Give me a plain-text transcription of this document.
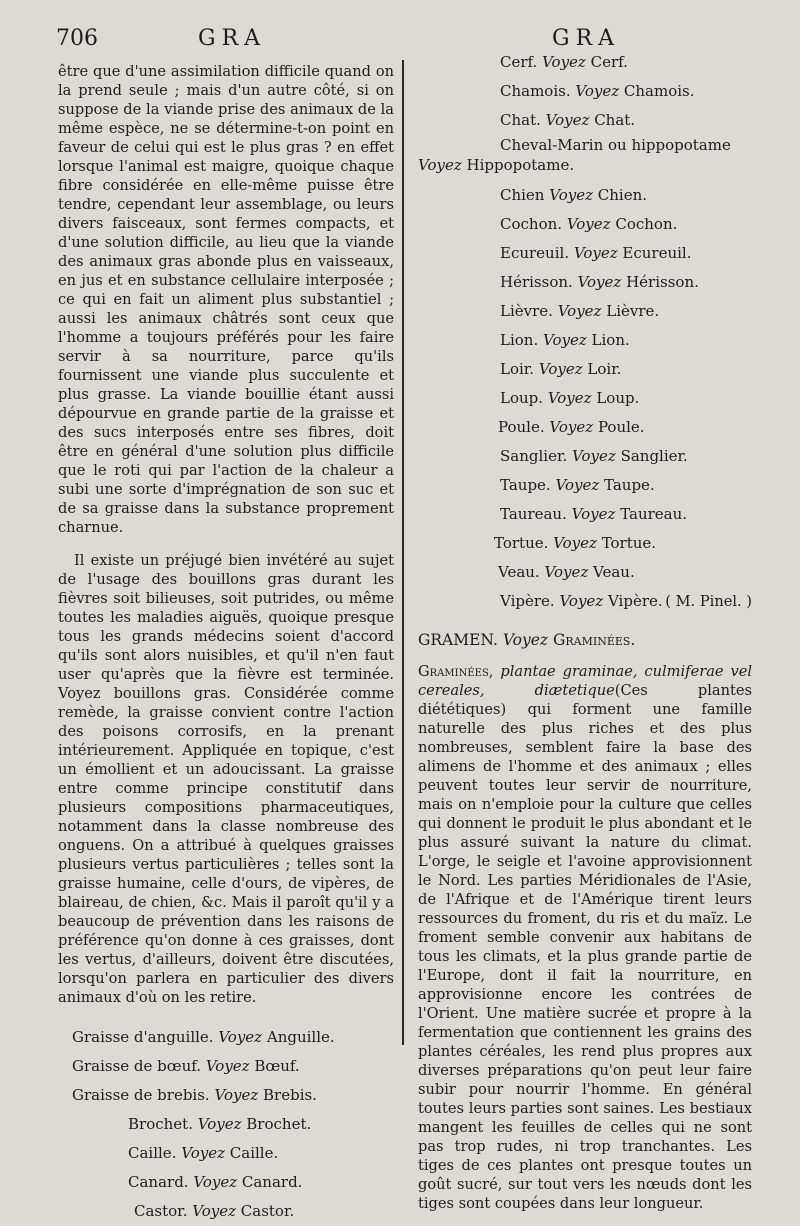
706	GRA	GRA

être que d'une assimilation difficile quand on la prend seule ; mais d'un autre côté, si on suppose de la viande prise des animaux de la même espèce, ne se détermine-t-on point en faveur de celui qui est le plus gras ? en effet lorsque l'animal est maigre, quoique chaque fibre considérée en elle-même puisse être tendre, cependant leur assemblage, ou leurs divers faisceaux, sont fermes compacts, et d'une solution difficile, au lieu que la viande des animaux gras abonde plus en vaisseaux, en jus et en substance cellulaire interposée ; ce qui en fait un aliment plus substantiel ; aussi les animaux châtrés sont ceux que l'homme a toujours préférés pour les faire servir à sa nourriture, parce qu'ils fournissent une viande plus succulente et plus grasse. La viande bouillie étant aussi dépourvue en grande partie de la graisse et des sucs interposés entre ses fibres, doit être en général d'une solution plus difficile que le roti qui par l'action de la chaleur a subi une sorte d'imprégnation de son suc et de sa graisse dans la substance proprement charnue.

Il existe un préjugé bien invétéré au sujet de l'usage des bouillons gras durant les fièvres soit bilieuses, soit putrides, ou même toutes les maladies aiguës, quoique presque tous les grands médecins soient d'accord qu'ils sont alors nuisibles, et qu'il n'en faut user qu'après que la fièvre est terminée. Voyez bouillons gras. Considérée comme remède, la graisse convient contre l'action des poisons corrosifs, en la prenant intérieurement. Appliquée en topique, c'est un émollient et un adoucissant. La graisse entre comme principe constitutif dans plusieurs compositions pharmaceutiques, notamment dans la classe nombreuse des onguens. On a attribué à quelques graisses plusieurs vertus particulières ; telles sont la graisse humaine, celle d'ours, de vipères, de blaireau, de chien, &c. Mais il paroît qu'il y a beaucoup de prévention dans les raisons de préférence qu'on donne à ces graisses, dont les vertus, d'ailleurs, doivent être discutées, lorsqu'on parlera en particulier des divers animaux d'où on les retire.

Graisse d'anguille. Voyez Anguille.
Graisse de bœuf. Voyez Bœuf.
Graisse de brebis. Voyez Brebis.
Brochet. Voyez Brochet.
Caille. Voyez Caille.
Canard. Voyez Canard.
Castor. Voyez Castor.
Cerf. Voyez Cerf.
Chamois. Voyez Chamois.
Chat. Voyez Chat.
Cheval-Marin ou hippopotame Voyez Hippopotame.
Chien Voyez Chien.
Cochon. Voyez Cochon.
Ecureuil. Voyez Ecureuil.
Hérisson. Voyez Hérisson.
Lièvre. Voyez Lièvre.
Lion. Voyez Lion.
Loir. Voyez Loir.
Loup. Voyez Loup.
Poule. Voyez Poule.
Sanglier. Voyez Sanglier.
Taupe. Voyez Taupe.
Taureau. Voyez Taureau.
Tortue. Voyez Tortue.
Veau. Voyez Veau.
Vipère. Voyez Vipère. ( M. Pinel. )
GRAMEN. Voyez Graminées.

Graminées, plantae graminae, culmiferae vel cereales, diætetique(Ces plantes diététiques) qui forment une famille naturelle des plus riches et des plus nombreuses, semblent faire la base des alimens de l'homme et des animaux ; elles peuvent toutes leur servir de nourriture, mais on n'emploie pour la culture que celles qui donnent le produit le plus abondant et le plus assuré suivant la nature du climat. L'orge, le seigle et l'avoine approvisionnent le Nord. Les parties Méridionales de l'Asie, de l'Afrique et de l'Amérique tirent leurs ressources du froment, du ris et du maïz. Le froment semble convenir aux habitans de tous les climats, et la plus grande partie de l'Europe, dont il fait la nourriture, en approvisionne encore les contrées de l'Orient. Une matière sucrée et propre à la fermentation que contiennent les grains des plantes céréales, les rend plus propres aux diverses préparations qu'on peut leur faire subir pour nourrir l'homme. En général toutes leurs parties sont saines. Les bestiaux mangent les feuilles de celles qui ne sont pas trop rudes, ni trop tranchantes. Les tiges de ces plantes ont presque toutes un goût sucré, sur tout vers les nœuds dont les tiges sont coupées dans leur longueur.
